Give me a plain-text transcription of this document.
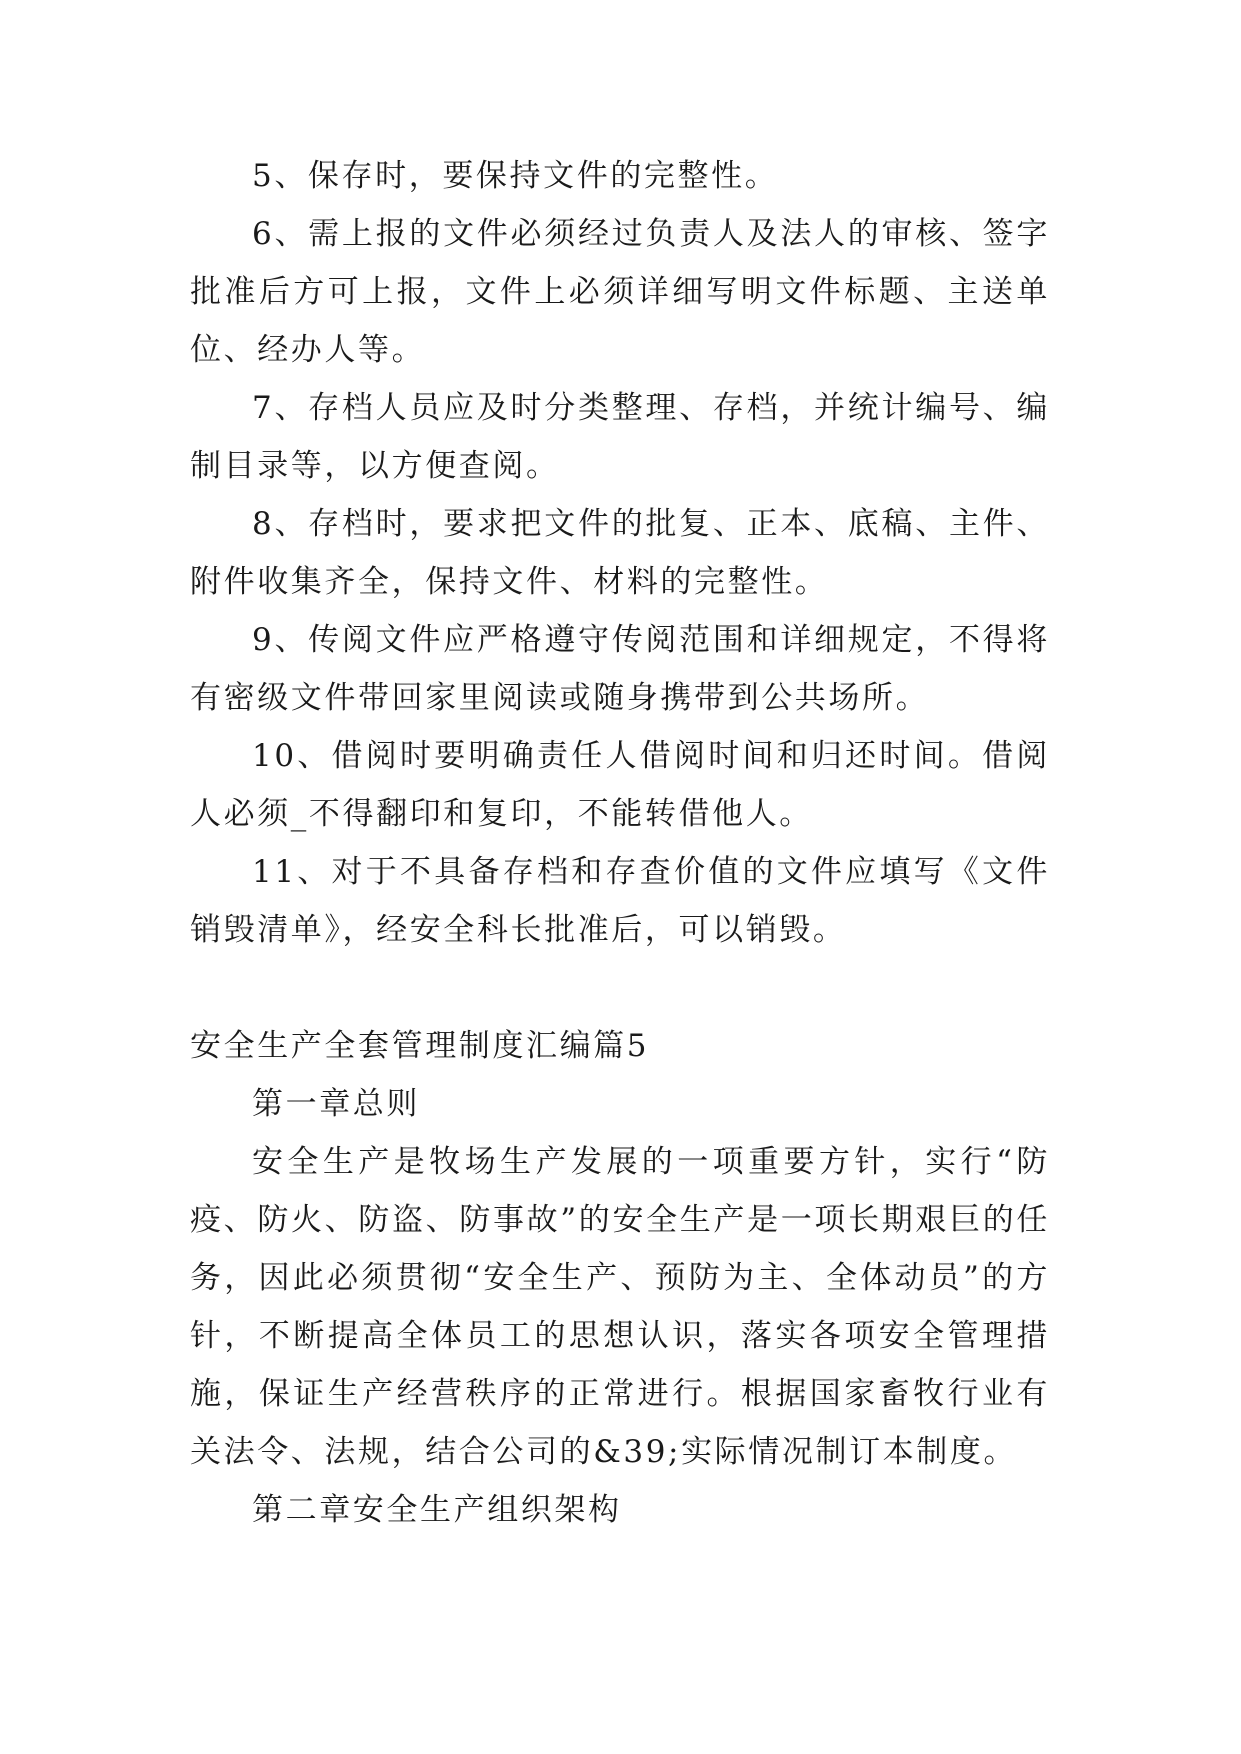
5、保存时，要保持文件的完整性。

6、需上报的文件必须经过负责人及法人的审核、签字批准后方可上报，文件上必须详细写明文件标题、主送单位、经办人等。

7、存档人员应及时分类整理、存档，并统计编号、编制目录等，以方便查阅。

8、存档时，要求把文件的批复、正本、底稿、主件、附件收集齐全，保持文件、材料的完整性。

9、传阅文件应严格遵守传阅范围和详细规定，不得将有密级文件带回家里阅读或随身携带到公共场所。

10、借阅时要明确责任人借阅时间和归还时间。借阅人必须_不得翻印和复印，不能转借他人。

11、对于不具备存档和存查价值的文件应填写《文件销毁清单》，经安全科长批准后，可以销毁。

安全生产全套管理制度汇编篇5

第一章总则

安全生产是牧场生产发展的一项重要方针，实行“防疫、防火、防盗、防事故”的安全生产是一项长期艰巨的任务，因此必须贯彻“安全生产、预防为主、全体动员”的方针，不断提高全体员工的思想认识，落实各项安全管理措施，保证生产经营秩序的正常进行。根据国家畜牧行业有关法令、法规，结合公司的&39;实际情况制订本制度。

第二章安全生产组织架构
